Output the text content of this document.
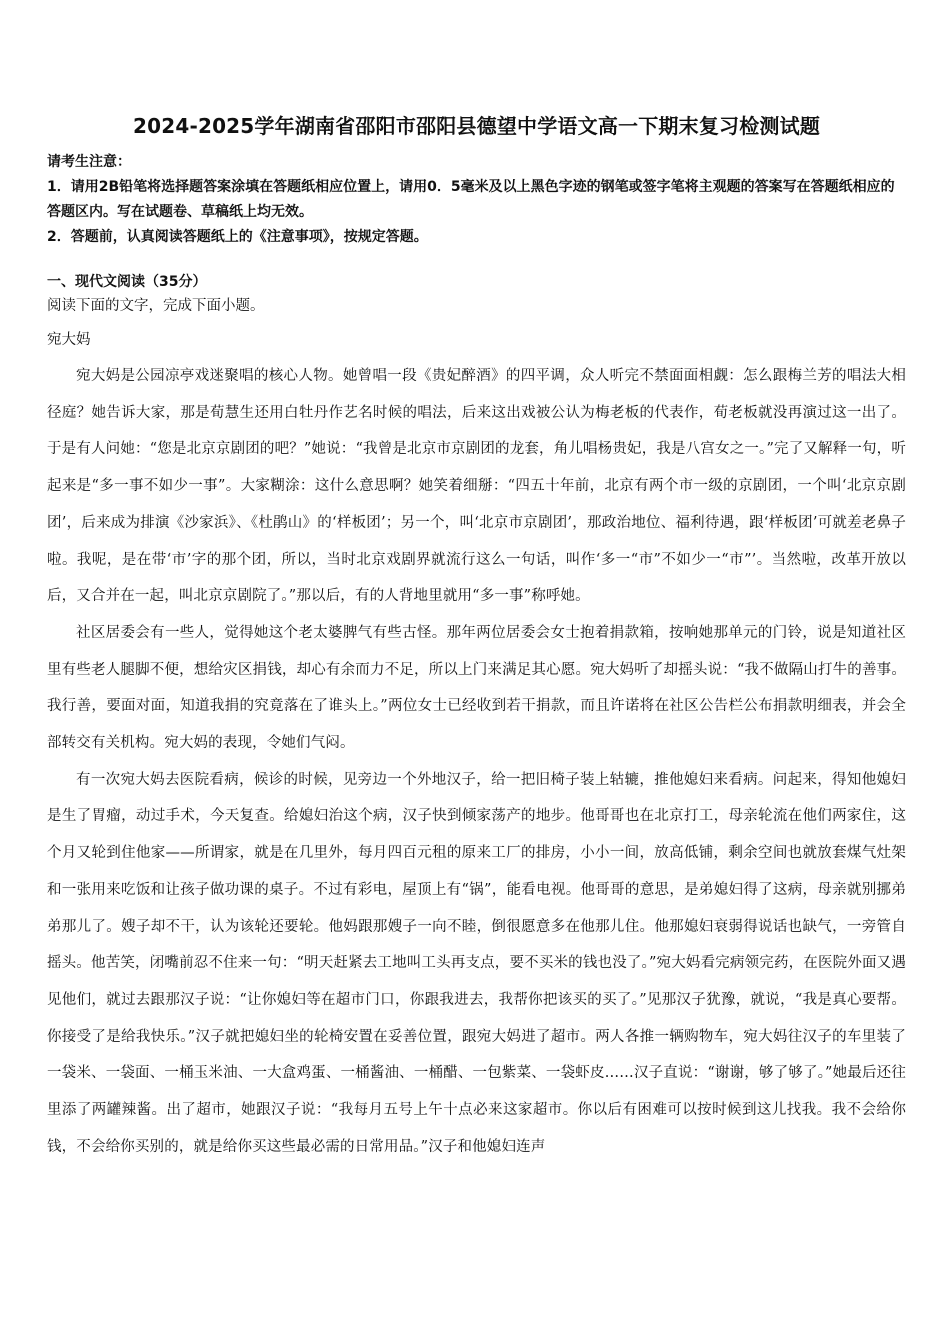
2024-2025学年湖南省邵阳市邵阳县德望中学语文高一下期末复习检测试题
请考生注意：
1．请用2B铅笔将选择题答案涂填在答题纸相应位置上，请用0．5毫米及以上黑色字迹的钢笔或签字笔将主观题的答案写在答题纸相应的答题区内。写在试题卷、草稿纸上均无效。
2．答题前，认真阅读答题纸上的《注意事项》，按规定答题。
一、现代文阅读（35分）
阅读下面的文字，完成下面小题。
宛大妈

宛大妈是公园凉亭戏迷聚唱的核心人物。她曾唱一段《贵妃醉酒》的四平调，众人听完不禁面面相觑：怎么跟梅兰芳的唱法大相径庭？她告诉大家，那是荀慧生还用白牡丹作艺名时候的唱法，后来这出戏被公认为梅老板的代表作，荀老板就没再演过这一出了。于是有人问她：“您是北京京剧团的吧？”她说：“我曾是北京市京剧团的龙套，角儿唱杨贵妃，我是八宫女之一。”完了又解释一句，听起来是“多一事不如少一事”。大家糊涂：这什么意思啊？她笑着细掰：“四五十年前，北京有两个市一级的京剧团，一个叫‘北京京剧团’，后来成为排演《沙家浜》、《杜鹃山》的‘样板团’；另一个，叫‘北京市京剧团’，那政治地位、福利待遇，跟‘样板团’可就差老鼻子啦。我呢，是在带‘市’字的那个团，所以，当时北京戏剧界就流行这么一句话，叫作‘多一“市”不如少一“市”’。当然啦，改革开放以后，又合并在一起，叫北京京剧院了。”那以后，有的人背地里就用“多一事”称呼她。

社区居委会有一些人，觉得她这个老太婆脾气有些古怪。那年两位居委会女士抱着捐款箱，按响她那单元的门铃，说是知道社区里有些老人腿脚不便，想给灾区捐钱，却心有余而力不足，所以上门来满足其心愿。宛大妈听了却摇头说：“我不做隔山打牛的善事。我行善，要面对面，知道我捐的究竟落在了谁头上。”两位女士已经收到若干捐款，而且许诺将在社区公告栏公布捐款明细表，并会全部转交有关机构。宛大妈的表现，令她们气闷。

有一次宛大妈去医院看病，候诊的时候，见旁边一个外地汉子，给一把旧椅子装上轱辘，推他媳妇来看病。问起来，得知他媳妇是生了胃瘤，动过手术，今天复查。给媳妇治这个病，汉子快到倾家荡产的地步。他哥哥也在北京打工，母亲轮流在他们两家住，这个月又轮到住他家——所谓家，就是在几里外，每月四百元租的原来工厂的排房，小小一间，放高低铺，剩余空间也就放套煤气灶架和一张用来吃饭和让孩子做功课的桌子。不过有彩电，屋顶上有“锅”，能看电视。他哥哥的意思，是弟媳妇得了这病，母亲就别挪弟弟那儿了。嫂子却不干，认为该轮还要轮。他妈跟那嫂子一向不睦，倒很愿意多在他那儿住。他那媳妇衰弱得说话也缺气，一旁管自摇头。他苦笑，闭嘴前忍不住来一句：“明天赶紧去工地叫工头再支点，要不买米的钱也没了。”宛大妈看完病领完药，在医院外面又遇见他们，就过去跟那汉子说：“让你媳妇等在超市门口，你跟我进去，我帮你把该买的买了。”见那汉子犹豫，就说，“我是真心要帮。你接受了是给我快乐。”汉子就把媳妇坐的轮椅安置在妥善位置，跟宛大妈进了超市。两人各推一辆购物车，宛大妈往汉子的车里装了一袋米、一袋面、一桶玉米油、一大盒鸡蛋、一桶酱油、一桶醋、一包紫菜、一袋虾皮……汉子直说：“谢谢，够了够了。”她最后还往里添了两罐辣酱。出了超市，她跟汉子说：“我每月五号上午十点必来这家超市。你以后有困难可以按时候到这儿找我。我不会给你钱，不会给你买别的，就是给你买这些最必需的日常用品。”汉子和他媳妇连声
